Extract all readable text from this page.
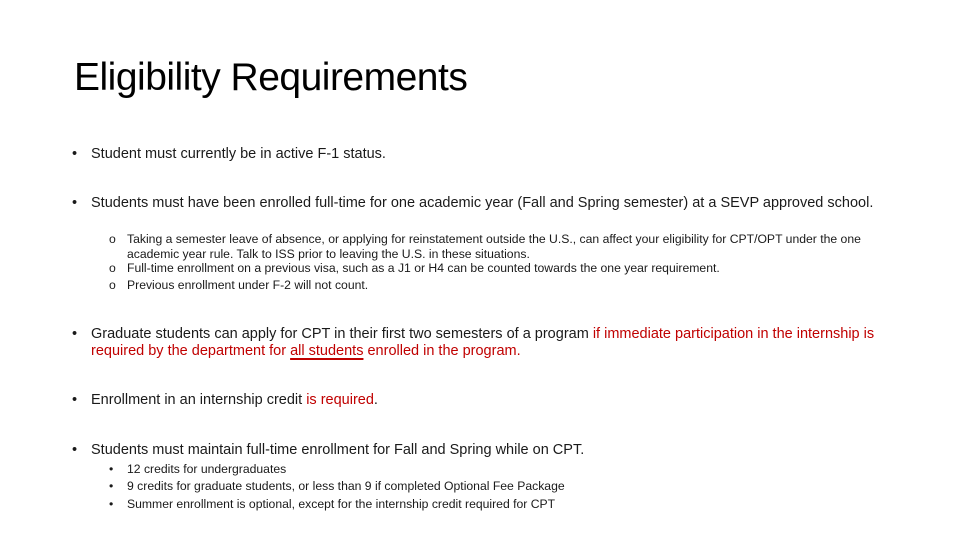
Eligibility Requirements
• Student must currently be in active F-1 status.
• Students must have been enrolled full-time for one academic year (Fall and Spring semester) at a SEVP approved school.
o Taking a semester leave of absence, or applying for reinstatement outside the U.S., can affect your eligibility for CPT/OPT under the one academic year rule. Talk to ISS prior to leaving the U.S. in these situations.
o Full-time enrollment on a previous visa, such as a J1 or H4 can be counted towards the one year requirement.
o Previous enrollment under F-2 will not count.
• Graduate students can apply for CPT in their first two semesters of a program if immediate participation in the internship is required by the department for all students enrolled in the program.
• Enrollment in an internship credit is required.
• Students must maintain full-time enrollment for Fall and Spring while on CPT.
•	12 credits for undergraduates
•	9 credits for graduate students, or less than 9 if completed Optional Fee Package
•	Summer enrollment is optional, except for the internship credit required for CPT
